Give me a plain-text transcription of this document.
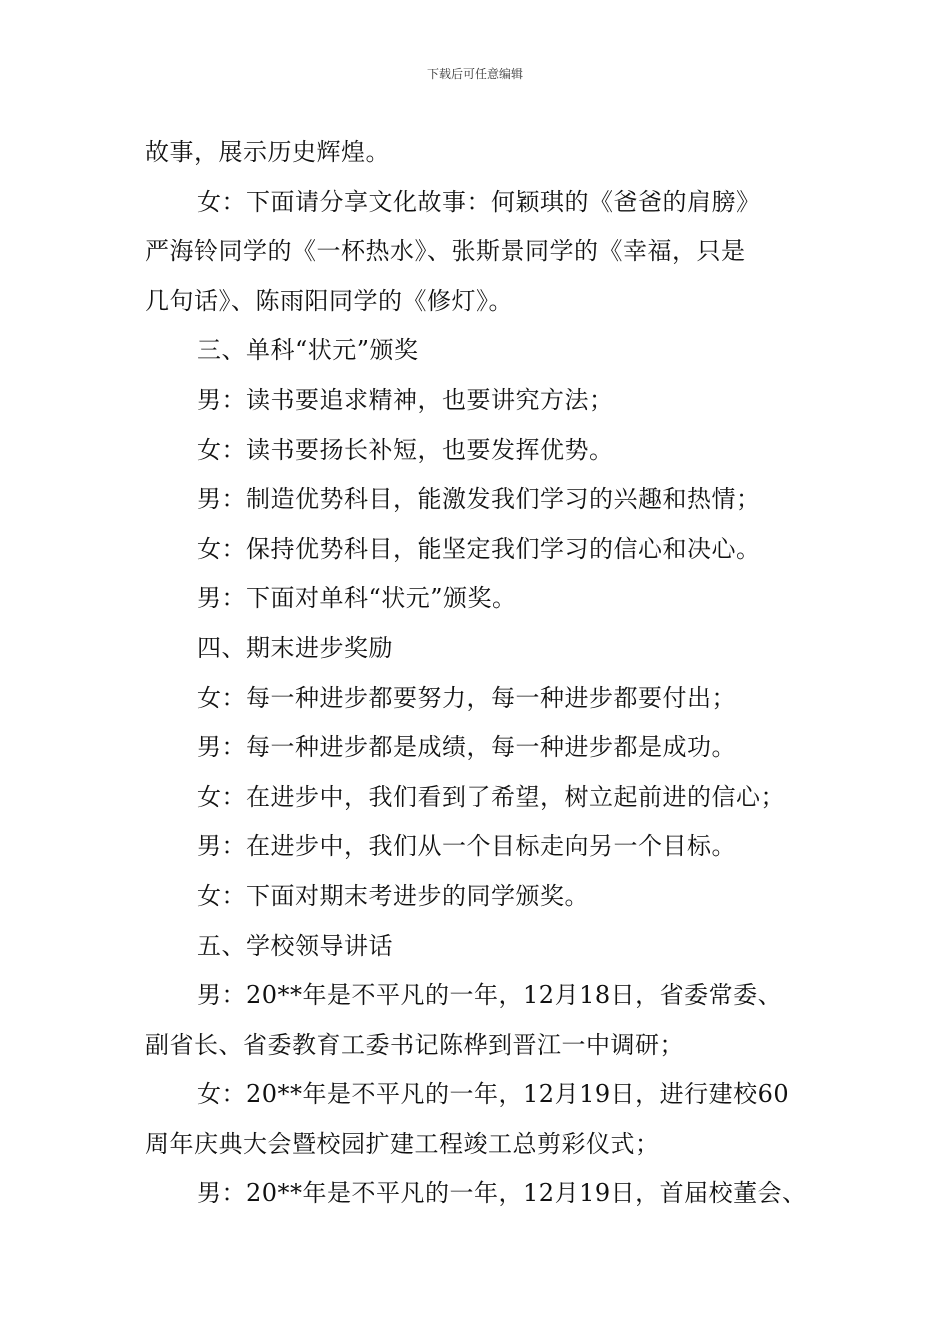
下载后可任意编辑
故事，展示历史辉煌。
女：下面请分享文化故事：何颖琪的《爸爸的肩膀》
严海铃同学的《一杯热水》、张斯景同学的《幸福，只是
几句话》、陈雨阳同学的《修灯》。
三、单科“状元”颁奖
男：读书要追求精神，也要讲究方法；
女：读书要扬长补短，也要发挥优势。
男：制造优势科目，能激发我们学习的兴趣和热情；
女：保持优势科目，能坚定我们学习的信心和决心。
男：下面对单科“状元”颁奖。
四、期末进步奖励
女：每一种进步都要努力，每一种进步都要付出；
男：每一种进步都是成绩，每一种进步都是成功。
女：在进步中，我们看到了希望，树立起前进的信心；
男：在进步中，我们从一个目标走向另一个目标。
女：下面对期末考进步的同学颁奖。
五、学校领导讲话
男：20**年是不平凡的一年，12月18日，省委常委、
副省长、省委教育工委书记陈桦到晋江一中调研；
女：20**年是不平凡的一年，12月19日，进行建校60
周年庆典大会暨校园扩建工程竣工总剪彩仪式；
男：20**年是不平凡的一年，12月19日，首届校董会、
